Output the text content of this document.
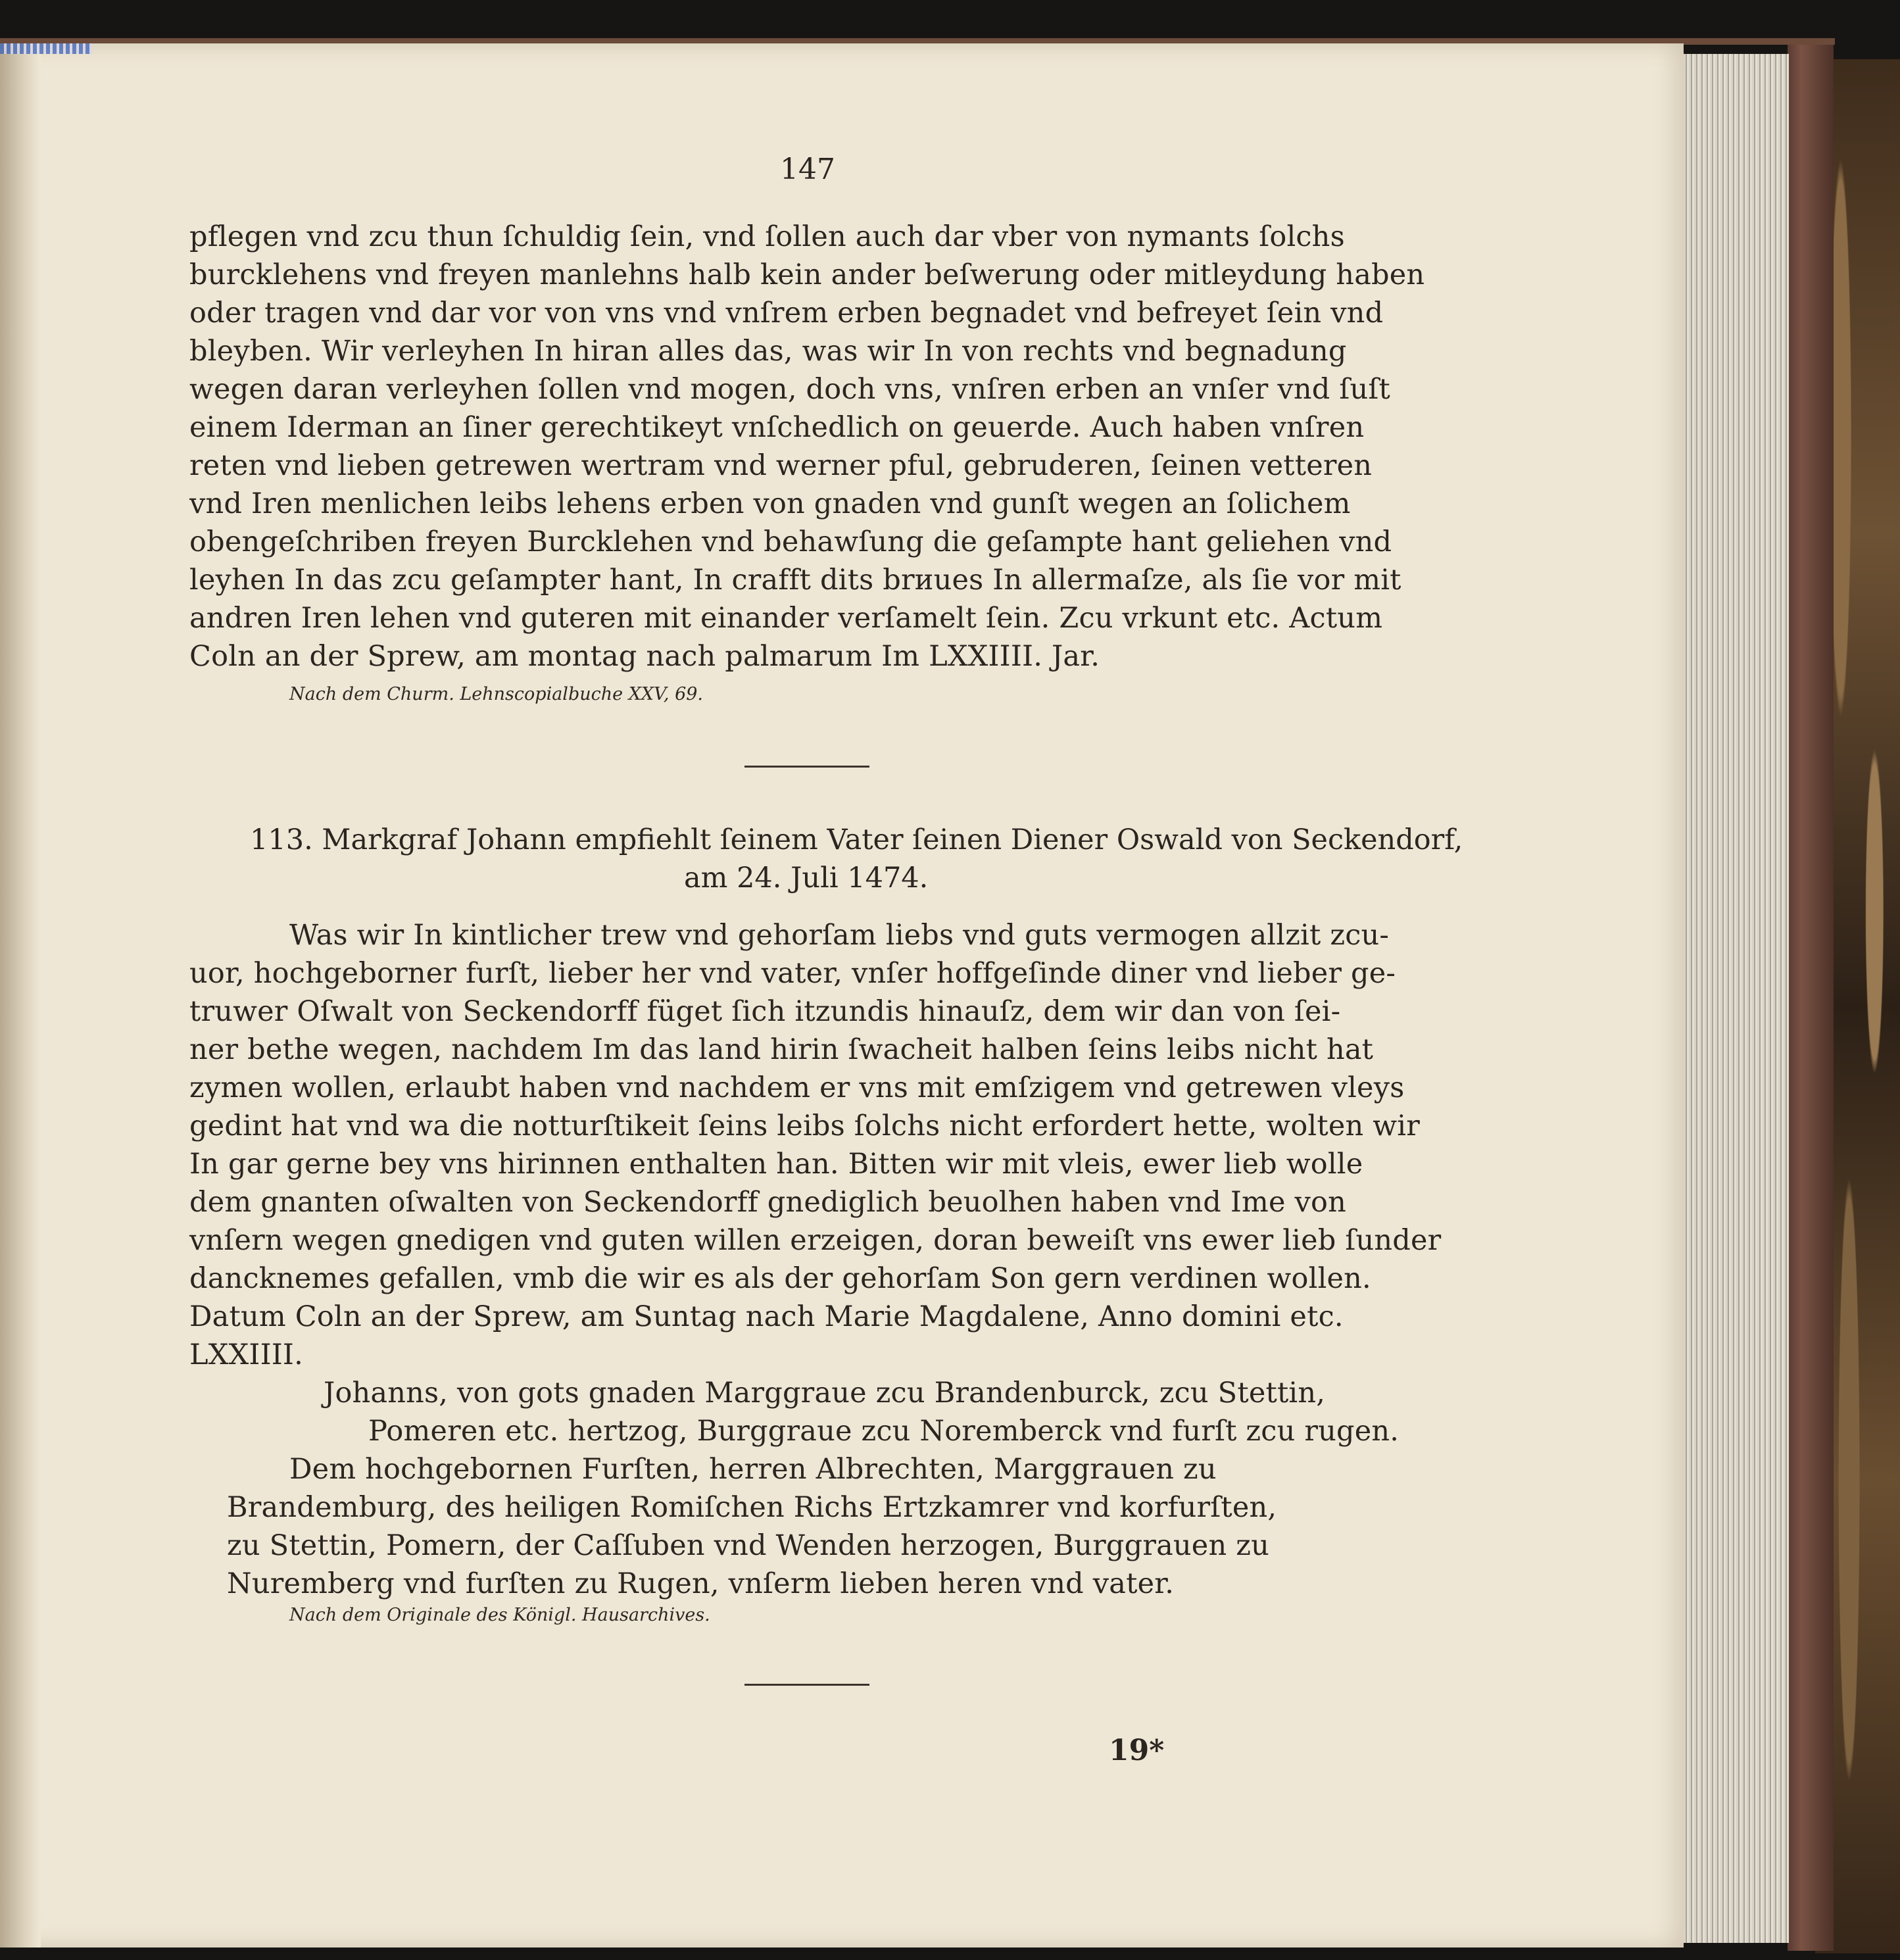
147
pflegen vnd zcu thun ſchuldig ſein, vnd ſollen auch dar vber von nymants ſolchs
burcklehens vnd freyen manlehns halb kein ander beſwerung oder mitleydung haben
oder tragen vnd dar vor von vns vnd vnſrem erben begnadet vnd befreyet ſein vnd
bleyben. Wir verleyhen In hiran alles das, was wir In von rechts vnd begnadung
wegen daran verleyhen ſollen vnd mogen, doch vns, vnſren erben an vnſer vnd ſuſt
einem Iderman an ſiner gerechtikeyt vnſchedlich on geuerde. Auch haben vnſren
reten vnd lieben getrewen wertram vnd werner pful, gebruderen, ſeinen vetteren
vnd Iren menlichen leibs lehens erben von gnaden vnd gunſt wegen an ſolichem
obengeſchriben freyen Burcklehen vnd behawſung die geſampte hant geliehen vnd
leyhen In das zcu geſampter hant, In crafft dits brиues In allermaſze, als ſie vor mit
andren Iren lehen vnd guteren mit einander verſamelt ſein. Zcu vrkunt etc. Actum
Coln an der Sprew, am montag nach palmarum Im LXXIIII. Jar.
Nach dem Churm. Lehnscopialbuche XXV, 69.
113. Markgraf Johann empfiehlt ſeinem Vater ſeinen Diener Oswald von Seckendorf,
am 24. Juli 1474.
Was wir In kintlicher trew vnd gehorſam liebs vnd guts vermogen allzit zcu-
uor, hochgeborner furſt, lieber her vnd vater, vnſer hoffgeſinde diner vnd lieber ge-
truwer Oſwalt von Seckendorff füget ſich itzundis hinauſz, dem wir dan von ſei-
ner bethe wegen, nachdem Im das land hirin ſwacheit halben ſeins leibs nicht hat
zymen wollen, erlaubt haben vnd nachdem er vns mit emſzigem vnd getrewen vleys
gedint hat vnd wa die notturſtikeit ſeins leibs ſolchs nicht erfordert hette, wolten wir
In gar gerne bey vns hirinnen enthalten han. Bitten wir mit vleis, ewer lieb wolle
dem gnanten oſwalten von Seckendorff gnediglich beuolhen haben vnd Ime von
vnſern wegen gnedigen vnd guten willen erzeigen, doran beweiſt vns ewer lieb ſunder
dancknemes gefallen, vmb die wir es als der gehorſam Son gern verdinen wollen.
Datum Coln an der Sprew, am Suntag nach Marie Magdalene, Anno domini etc.
LXXIIII.
Johanns, von gots gnaden Marggraue zcu Brandenburck, zcu Stettin,
Pomeren etc. hertzog, Burggraue zcu Noremberck vnd furſt zcu rugen.
Dem hochgebornen Furſten, herren Albrechten, Marggrauen zu
Brandemburg, des heiligen Romiſchen Richs Ertzkamrer vnd korfurſten,
zu Stettin, Pomern, der Caſſuben vnd Wenden herzogen, Burggrauen zu
Nuremberg vnd furſten zu Rugen, vnſerm lieben heren vnd vater.
Nach dem Originale des Königl. Hausarchives.
19*
